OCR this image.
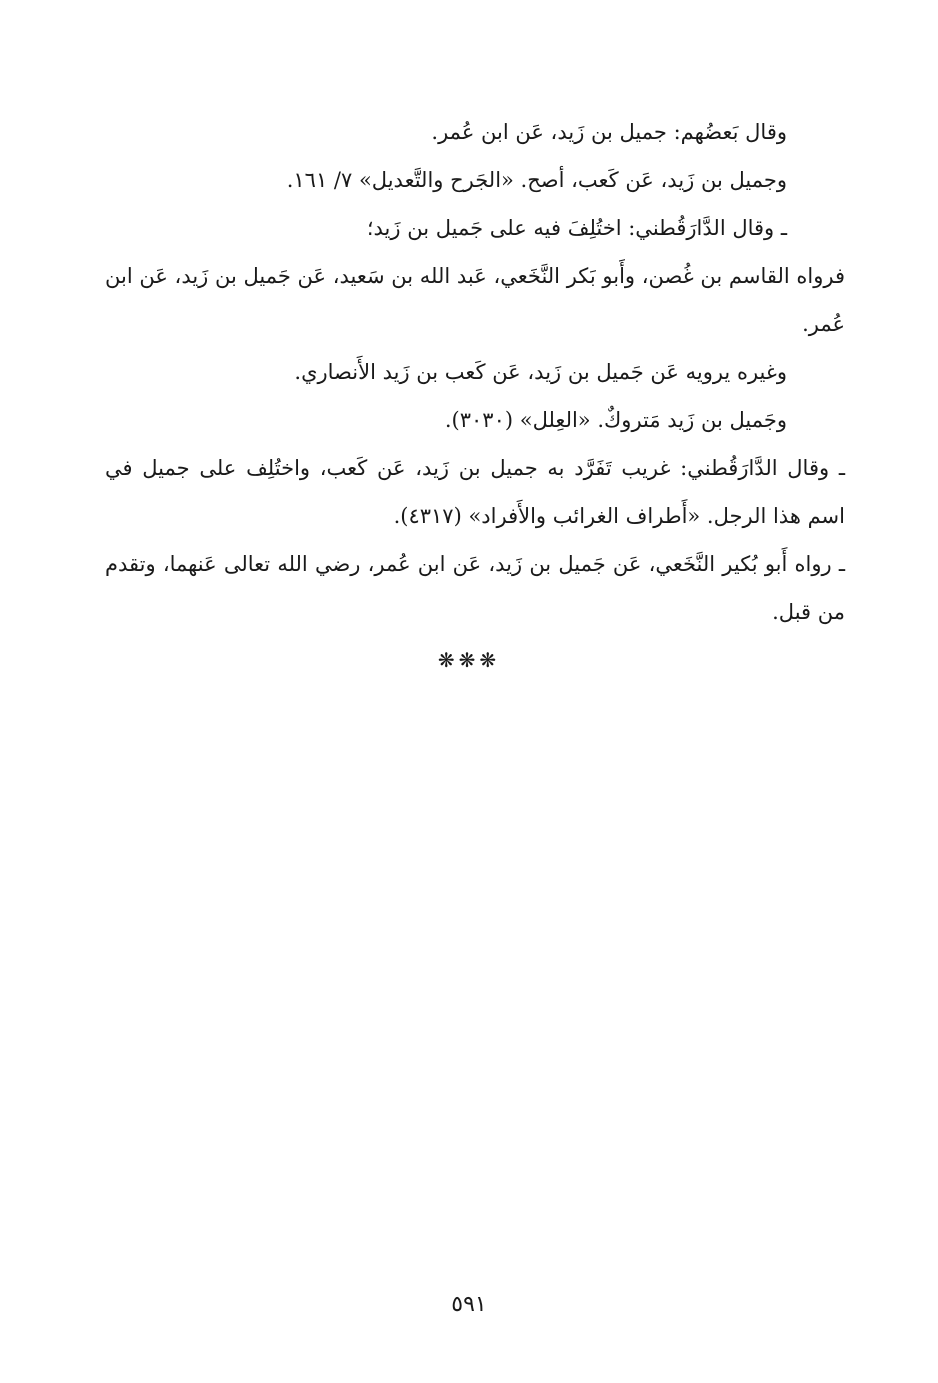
وقال بَعضُهم: جميل بن زَيد، عَن ابن عُمر.

وجميل بن زَيد، عَن كَعب، أصح. «الجَرح والتَّعديل» ٧/ ١٦١.

ـ وقال الدَّارَقُطني: اختُلِفَ فيه على جَميل بن زَيد؛

فرواه القاسم بن غُصن، وأَبو بَكر النَّخَعي، عَبد الله بن سَعيد، عَن جَميل بن زَيد، عَن ابن عُمر.

وغيره يرويه عَن جَميل بن زَيد، عَن كَعب بن زَيد الأَنصاري.

وجَميل بن زَيد مَتروكٌ. «العِلل» (٣٠٣٠).

ـ وقال الدَّارَقُطني: غريب تَفَرَّد به جميل بن زَيد، عَن كَعب، واختُلِف على جميل في اسم هذا الرجل. «أَطراف الغرائب والأَفراد» (٤٣١٧).

ـ رواه أَبو بُكير النَّخَعي، عَن جَميل بن زَيد، عَن ابن عُمر، رضي الله تعالى عَنهما، وتقدم من قبل.

❋❋❋
٥٩١
